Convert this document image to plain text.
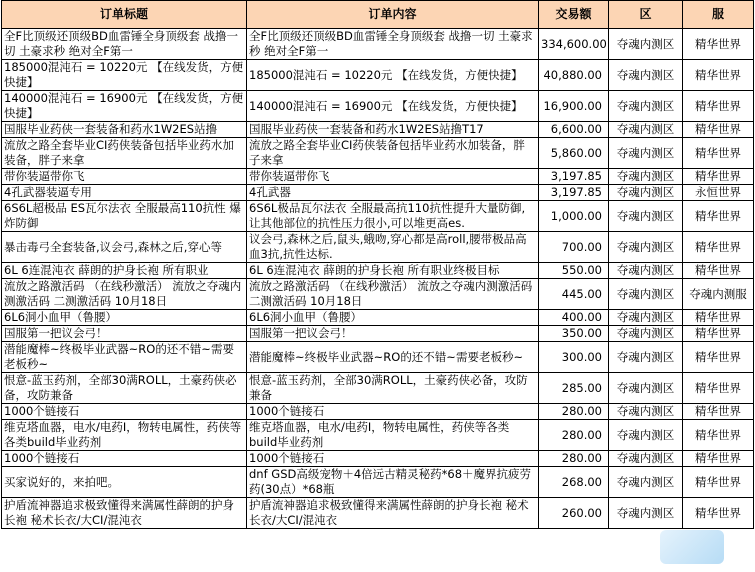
订单标题	订单内容	交易额	区	服
全F比顶级还顶级BD血雷锤全身顶级套 战撸一切 土豪求秒 绝对全F第一	全F比顶级还顶级BD血雷锤全身顶级套 战撸一切 土豪求秒 绝对全F第一	334,600.00	夺魂内测区	精华世界
185000混沌石 = 10220元 【在线发货，方便快捷】	185000混沌石 = 10220元 【在线发货，方便快捷】	40,880.00	夺魂内测区	精华世界
140000混沌石 = 16900元 【在线发货，方便快捷】	140000混沌石 = 16900元 【在线发货，方便快捷】	16,900.00	夺魂内测区	精华世界
国服毕业药侠一套装备和药水1W2ES站撸	国服毕业药侠一套装备和药水1W2ES站撸T17	6,600.00	夺魂内测区	精华世界
流放之路全套毕业CI药侠装备包括毕业药水加装备，胖子来拿	流放之路全套毕业CI药侠装备包括毕业药水加装备，胖子来拿	5,860.00	夺魂内测区	精华世界
带你装逼带你飞	带你装逼带你飞	3,197.85	夺魂内测区	精华世界
4孔武器装逼专用	4孔武器	3,197.85	夺魂内测区	永恒世界
6S6L超极品 ES瓦尔法衣 全服最高110抗性 爆炸防御	6S6L极品瓦尔法衣 全服最高抗110抗性提升大量防御,让其他部位的抗性压力很小,可以堆更高es.	1,000.00	夺魂内测区	精华世界
暴击毒弓全套装备,议会弓,森林之后,穿心等	议会弓,森林之后,鼠头,蛾吻,穿心都是高roll,腰带极品高血3抗,抗性达标.	700.00	夺魂内测区	精华世界
6L 6连混沌衣 薛朗的护身长袍 所有职业	6L 6连混沌衣 薛朗的护身长袍 所有职业终极目标	550.00	夺魂内测区	精华世界
流放之路激活码 （在线秒激活） 流放之夺魂内测激活码 二测激活码 10月18日	流放之路激活码 （在线秒激活） 流放之夺魂内测激活码 二测激活码 10月18日	445.00	夺魂内测区	夺魂内测服
6L6洞小血甲（鲁腰）	6L6洞小血甲（鲁腰）	400.00	夺魂内测区	精华世界
国服第一把议会弓！	国服第一把议会弓！	350.00	夺魂内测区	精华世界
潜能魔棒~终极毕业武器~RO的还不错~需要老板秒~	潜能魔棒~终极毕业武器~RO的还不错~需要老板秒~	300.00	夺魂内测区	精华世界
恨意-蓝玉药剂，全部30满ROLL，土豪药侠必备，攻防兼备	恨意-蓝玉药剂，全部30满ROLL，土豪药侠必备，攻防兼备	285.00	夺魂内测区	精华世界
1000个链接石	1000个链接石	280.00	夺魂内测区	精华世界
维克塔血器，电水/电药Ⅰ，物转电属性，药侠等各类build毕业药剂	维克塔血器，电水/电药Ⅰ，物转电属性，药侠等各类build毕业药剂	280.00	夺魂内测区	精华世界
1000个链接石	1000个链接石	280.00	夺魂内测区	精华世界
买家说好的，来拍吧。	dnf GSD高级宠物＋4倍远古精灵秘药*68＋魔界抗疲劳药(30点）*68瓶	268.00	夺魂内测区	精华世界
护盾流神器追求极致懂得来满属性薛朗的护身长袍 秘术长衣/大CI/混沌衣	护盾流神器追求极致懂得来满属性薛朗的护身长袍 秘术长衣/大CI/混沌衣	260.00	夺魂内测区	精华世界
